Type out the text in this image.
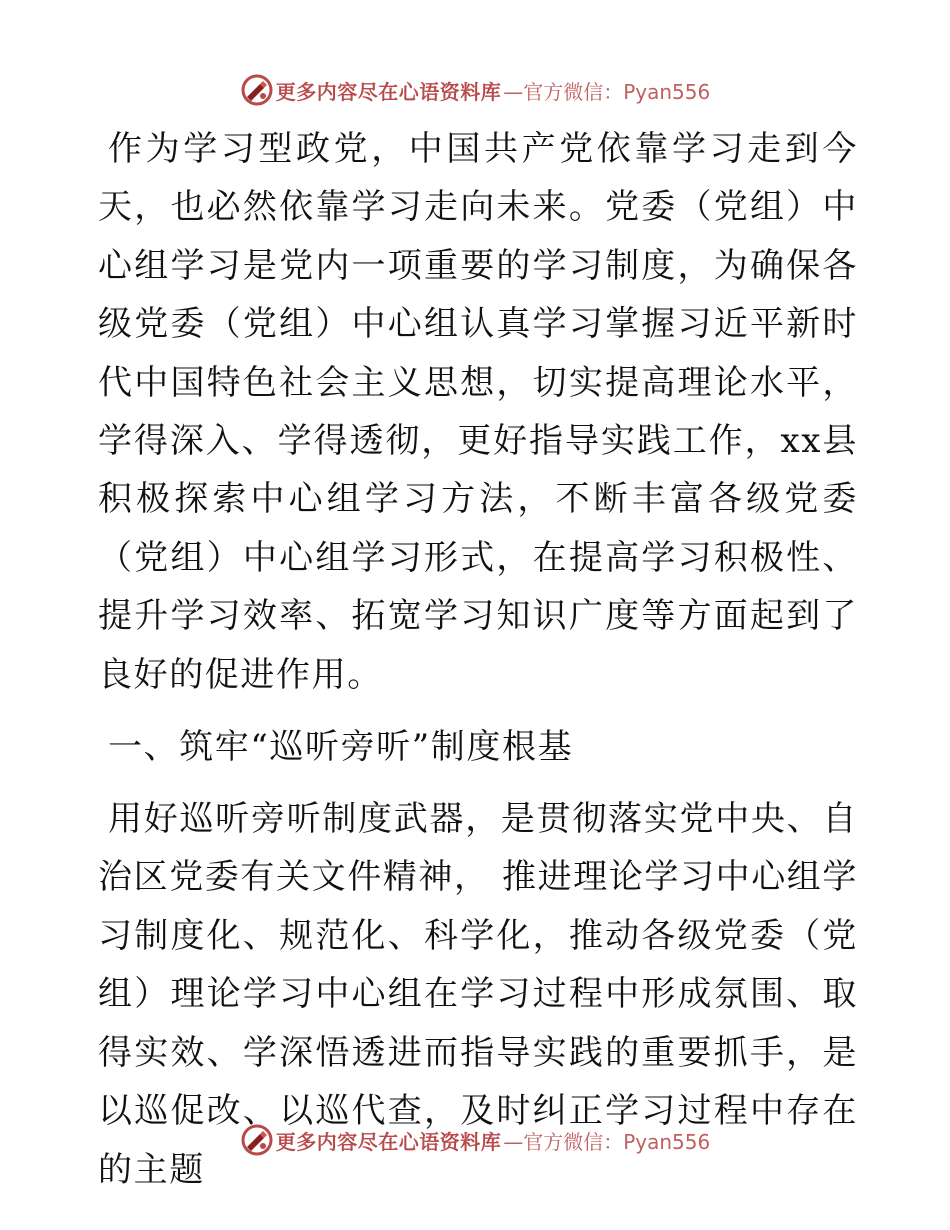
更多内容尽在心语资料库 —官方微信：Pyan556

作为学习型政党，中国共产党依靠学习走到今天，也必然依靠学习走向未来。党委（党组）中心组学习是党内一项重要的学习制度，为确保各级党委（党组）中心组认真学习掌握习近平新时代中国特色社会主义思想，切实提高理论水平，学得深入、学得透彻，更好指导实践工作，xx县积极探索中心组学习方法，不断丰富各级党委（党组）中心组学习形式，在提高学习积极性、提升学习效率、拓宽学习知识广度等方面起到了良好的促进作用。

一、筑牢“巡听旁听”制度根基

用好巡听旁听制度武器，是贯彻落实党中央、自治区党委有关文件精神， 推进理论学习中心组学习制度化、规范化、科学化，推动各级党委（党组）理论学习中心组在学习过程中形成氛围、取得实效、学深悟透进而指导实践的重要抓手，是以巡促改、以巡代查，及时纠正学习过程中存在的主题

更多内容尽在心语资料库 —官方微信：Pyan556
